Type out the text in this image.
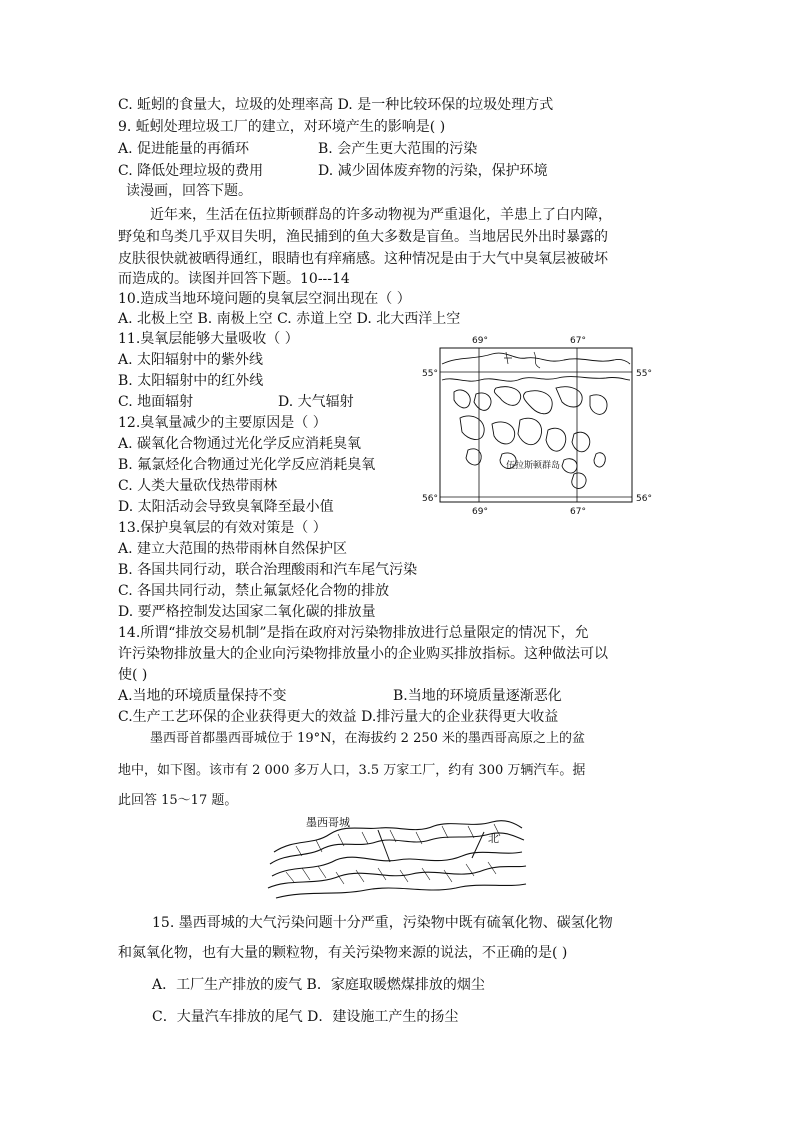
C. 蚯蚓的食量大，垃圾的处理率高 D. 是一种比较环保的垃圾处理方式
9. 蚯蚓处理垃圾工厂的建立，对环境产生的影响是( )
A. 促进能量的再循环	B. 会产生更大范围的污染
C. 降低处理垃圾的费用	D. 减少固体废弃物的污染，保护环境
读漫画，回答下题。
近年来，生活在伍拉斯顿群岛的许多动物视为严重退化，羊患上了白内障，
野兔和鸟类几乎双目失明，渔民捕到的鱼大多数是盲鱼。当地居民外出时暴露的
皮肤很快就被晒得通红，眼睛也有痒痛感。这种情况是由于大气中臭氧层被破坏
而造成的。读图并回答下题。10---14
10.造成当地环境问题的臭氧层空洞出现在（ ）
A. 北极上空 B. 南极上空 C. 赤道上空 D. 北大西洋上空
11.臭氧层能够大量吸收（ ）
A. 太阳辐射中的紫外线
B. 太阳辐射中的红外线
C. 地面辐射	D. 大气辐射
12.臭氧量减少的主要原因是（ ）
A. 碳氧化合物通过光化学反应消耗臭氧
B. 氟氯烃化合物通过光化学反应消耗臭氧
C. 人类大量砍伐热带雨林
D. 太阳活动会导致臭氧降至最小值
13.保护臭氧层的有效对策是（ ）
A. 建立大范围的热带雨林自然保护区
B. 各国共同行动，联合治理酸雨和汽车尾气污染
C. 各国共同行动，禁止氟氯烃化合物的排放
D. 要严格控制发达国家二氧化碳的排放量
14.所谓“排放交易机制”是指在政府对污染物排放进行总量限定的情况下，允
许污染物排放量大的企业向污染物排放量小的企业购买排放指标。这种做法可以
使( )
A.当地的环境质量保持不变	B.当地的环境质量逐渐恶化
C.生产工艺环保的企业获得更大的效益 D.排污量大的企业获得更大收益
墨西哥首都墨西哥城位于 19°N，在海拔约 2 250 米的墨西哥高原之上的盆
地中，如下图。该市有 2 000 多万人口，3.5 万家工厂，约有 300 万辆汽车。据
此回答 15～17 题。
15. 墨西哥城的大气污染问题十分严重，污染物中既有硫氧化物、碳氢化物
和氮氧化物，也有大量的颗粒物，有关污染物来源的说法，不正确的是( )
A．工厂生产排放的废气 B．家庭取暖燃煤排放的烟尘
C．大量汽车排放的尾气 D．建设施工产生的扬尘
69°	67°
69°	67°
55°	55°
56°	56°
伍拉斯顿群岛
墨西哥城
北
